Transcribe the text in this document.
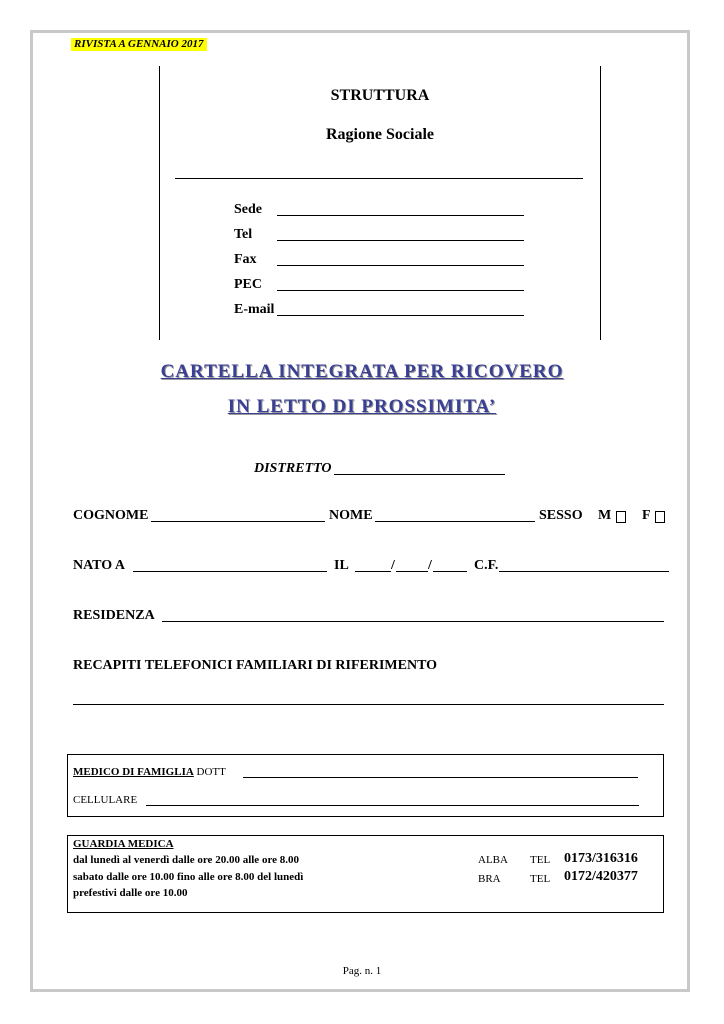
RIVISTA A GENNAIO 2017
STRUTTURA
Ragione Sociale
Sede
Tel
Fax
PEC
E-mail
CARTELLA INTEGRATA PER RICOVERO
IN LETTO DI PROSSIMITA’
DISTRETTO
COGNOME	NOME	SESSO M F
NATO A	IL	/ /	C.F.
RESIDENZA
RECAPITI TELEFONICI FAMILIARI DI RIFERIMENTO
MEDICO DI FAMIGLIA DOTT
CELLULARE
GUARDIA MEDICA
dal lunedì al venerdì dalle ore 20.00 alle ore 8.00
sabato dalle ore 10.00 fino alle ore 8.00 del lunedì
prefestivi dalle ore 10.00
ALBA TEL 0173/316316
BRA	TEL 0172/420377
Pag. n. 1
